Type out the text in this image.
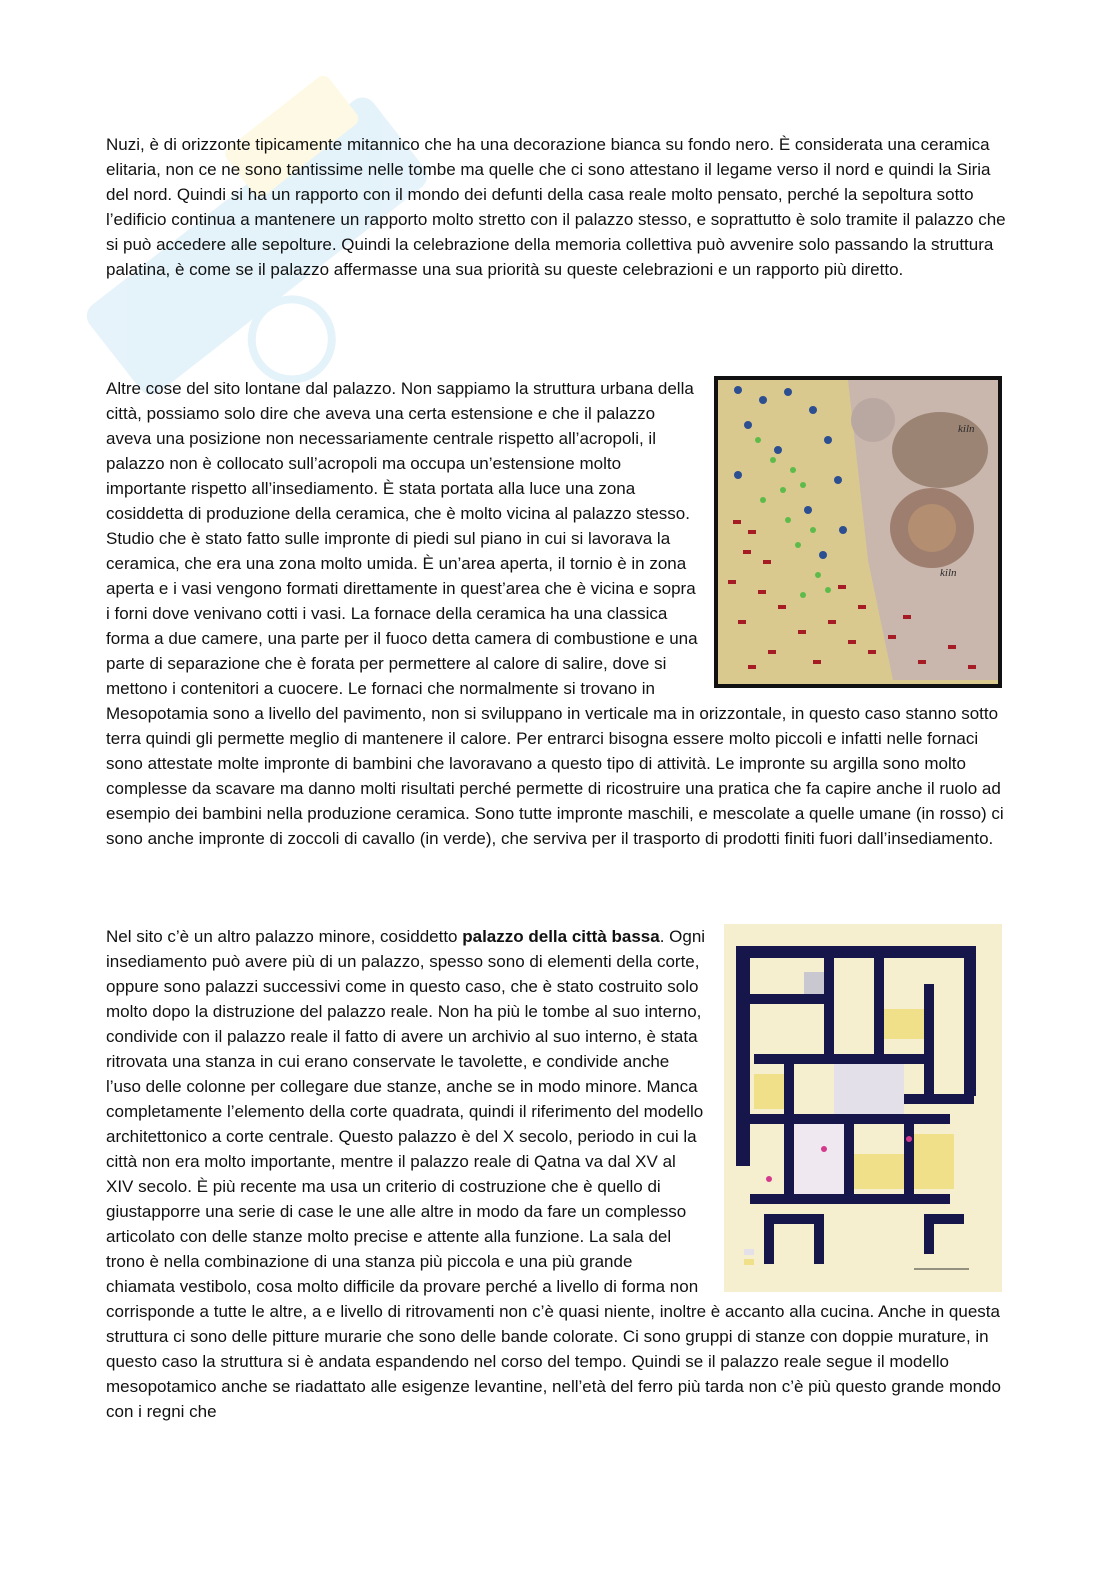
Nuzi, è di orizzonte tipicamente mitannico che ha una decorazione bianca su fondo nero. È considerata una ceramica elitaria, non ce ne sono tantissime nelle tombe ma quelle che ci sono attestano il legame verso il nord e quindi la Siria del nord. Quindi si ha un rapporto con il mondo dei defunti della casa reale molto pensato, perché la sepoltura sotto l’edificio continua a mantenere un rapporto molto stretto con il palazzo stesso, e soprattutto è solo tramite il palazzo che si può accedere alle sepolture. Quindi la celebrazione della memoria collettiva può avvenire solo passando la struttura palatina, è come se il palazzo affermasse una sua priorità su queste celebrazioni e un rapporto più diretto.

kiln
kiln
Altre cose del sito lontane dal palazzo. Non sappiamo la struttura urbana della città, possiamo solo dire che aveva una certa estensione e che il palazzo aveva una posizione non necessariamente centrale rispetto all’acropoli, il palazzo non è collocato sull’acropoli ma occupa un’estensione molto importante rispetto all’insediamento. È stata portata alla luce una zona cosiddetta di produzione della ceramica, che è molto vicina al palazzo stesso. Studio che è stato fatto sulle impronte di piedi sul piano in cui si lavorava la ceramica, che era una zona molto umida. È un’area aperta, il tornio è in zona aperta e i vasi vengono formati direttamente in quest’area che è vicina e sopra i forni dove venivano cotti i vasi. La fornace della ceramica ha una classica forma a due camere, una parte per il fuoco detta camera di combustione e una parte di separazione che è forata per permettere al calore di salire, dove si mettono i contenitori a cuocere. Le fornaci che normalmente si trovano in Mesopotamia sono a livello del pavimento, non si sviluppano in verticale ma in orizzontale, in questo caso stanno sotto terra quindi gli permette meglio di mantenere il calore. Per entrarci bisogna essere molto piccoli e infatti nelle fornaci sono attestate molte impronte di bambini che lavoravano a questo tipo di attività. Le impronte su argilla sono molto complesse da scavare ma danno molti risultati perché permette di ricostruire una pratica che fa capire anche il ruolo ad esempio dei bambini nella produzione ceramica. Sono tutte impronte maschili, e mescolate a quelle umane (in rosso) ci sono anche impronte di zoccoli di cavallo (in verde), che serviva per il trasporto di prodotti finiti fuori dall’insediamento.
Nel sito c’è un altro palazzo minore, cosiddetto palazzo della città bassa. Ogni insediamento può avere più di un palazzo, spesso sono di elementi della corte, oppure sono palazzi successivi come in questo caso, che è stato costruito solo molto dopo la distruzione del palazzo reale. Non ha più le tombe al suo interno, condivide con il palazzo reale il fatto di avere un archivio al suo interno, è stata ritrovata una stanza in cui erano conservate le tavolette, e condivide anche l’uso delle colonne per collegare due stanze, anche se in modo minore. Manca completamente l’elemento della corte quadrata, quindi il riferimento del modello architettonico a corte centrale. Questo palazzo è del X secolo, periodo in cui la città non era molto importante, mentre il palazzo reale di Qatna va dal XV al XIV secolo. È più recente ma usa un criterio di costruzione che è quello di giustapporre una serie di case le une alle altre in modo da fare un complesso articolato con delle stanze molto precise e attente alla funzione. La sala del trono è nella combinazione di una stanza più piccola e una più grande chiamata vestibolo, cosa molto difficile da provare perché a livello di forma non corrisponde a tutte le altre, a e livello di ritrovamenti non c’è quasi niente, inoltre è accanto alla cucina. Anche in questa struttura ci sono delle pitture murarie che sono delle bande colorate. Ci sono gruppi di stanze con doppie murature, in questo caso la struttura si è andata espandendo nel corso del tempo. Quindi se il palazzo reale segue il modello mesopotamico anche se riadattato alle esigenze levantine, nell’età del ferro più tarda non c’è più questo grande mondo con i regni che
